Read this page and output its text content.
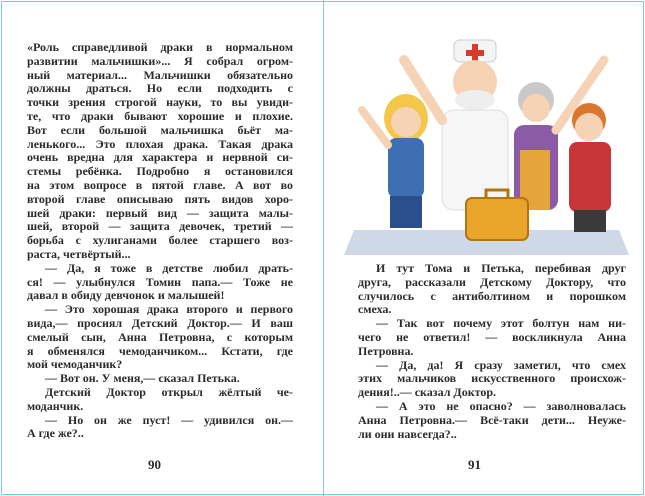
«Роль справедливой драки в нормальном
развитии мальчишки»... Я собрал огром-
ный материал... Мальчишки обязательно
должны драться. Но если подходить с
точки зрения строгой науки, то вы увиди-
те, что драки бывают хорошие и плохие.
Вот если большой мальчишка бьёт ма-
ленького... Это плохая драка. Такая драка
очень вредна для характера и нервной си-
стемы ребёнка. Подробно я остановился
на этом вопросе в пятой главе. А вот во
второй главе описываю пять видов хоро-
шей драки: первый вид — защита малы-
шей, второй — защита девочек, третий —
борьба с хулиганами более старшего воз-
раста, четвёртый...
— Да, я тоже в детстве любил драть-
ся! — улыбнулся Томин папа.— Тоже не
давал в обиду девчонок и малышей!
— Это хорошая драка второго и первого
вида,— просиял Детский Доктор.— И ваш
смелый сын, Анна Петровна, с которым
я обменялся чемоданчиком... Кстати, где
мой чемоданчик?
— Вот он. У меня,— сказал Петька.
Детский Доктор открыл жёлтый че-
моданчик.
— Но он же пуст! — удивился он.—
А где же?..
90
И тут Тома и Петька, перебивая друг
друга, рассказали Детскому Доктору, что
случилось с антиболтином и порошком
смеха.
— Так вот почему этот болтун нам ни-
чего не ответил! — воскликнула Анна
Петровна.
— Да, да! Я сразу заметил, что смех
этих мальчиков искусственного происхож-
дения!..— сказал Доктор.
— А это не опасно? — заволновалась
Анна Петровна.— Всё-таки дети... Неуже-
ли они навсегда?..
91
